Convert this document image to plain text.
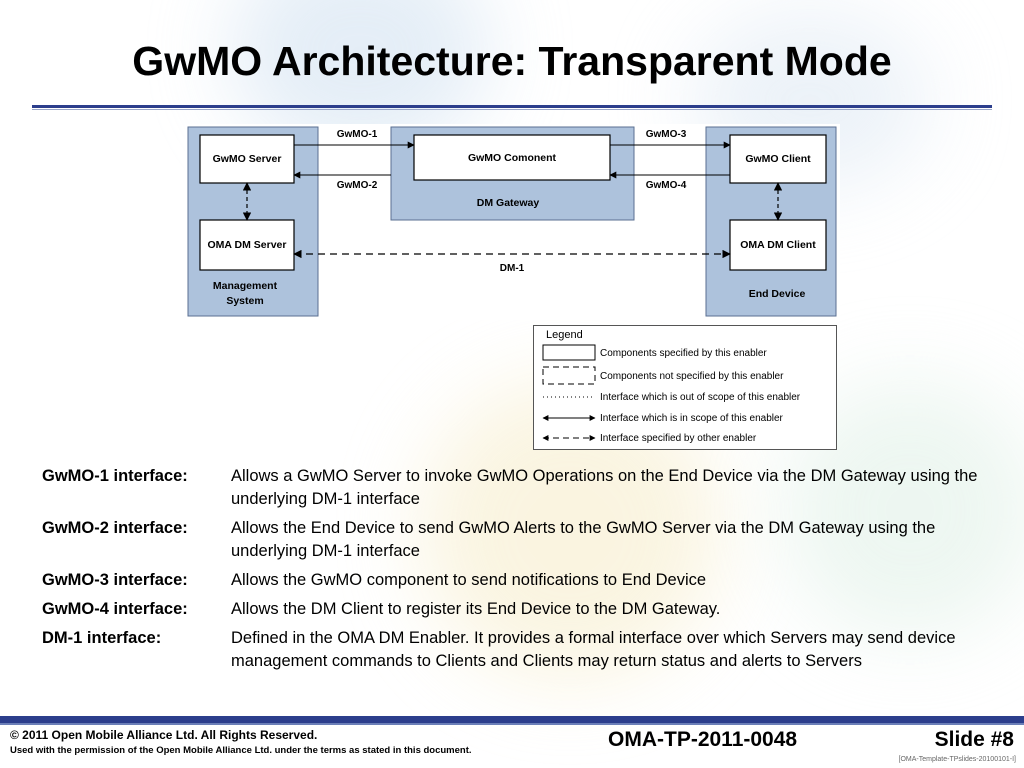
GwMO Architecture: Transparent Mode
GwMO Server
OMA DM Server
Management
System
GwMO Comonent
DM Gateway
GwMO Client
OMA DM Client
End Device
GwMO-1
GwMO-2
GwMO-3
GwMO-4
DM-1
Legend
Components specified by this enabler
Components not specified by this enabler
Interface which is out of scope of this enabler
Interface which is in scope of this enabler
Interface specified by other enabler
GwMO-1 interface:	Allows a GwMO Server to invoke GwMO Operations on the End Device via the DM Gateway using the underlying DM-1 interface
GwMO-2 interface:	Allows the End Device to send GwMO Alerts to the GwMO Server via the DM Gateway using the underlying DM-1 interface
GwMO-3 interface:	Allows the GwMO component to send notifications to End Device
GwMO-4 interface:	Allows the DM Client to register its End Device to the DM Gateway.
DM-1 interface:	Defined in the OMA DM Enabler. It provides a formal interface over which Servers may send device management commands to Clients and Clients may return status and alerts to Servers
© 2011 Open Mobile Alliance Ltd. All Rights Reserved.
Used with the permission of the Open Mobile Alliance Ltd. under the terms as stated in this document.	OMA-TP-2011-0048	Slide #8
[OMA-Template-TPslides-20100101-I]
